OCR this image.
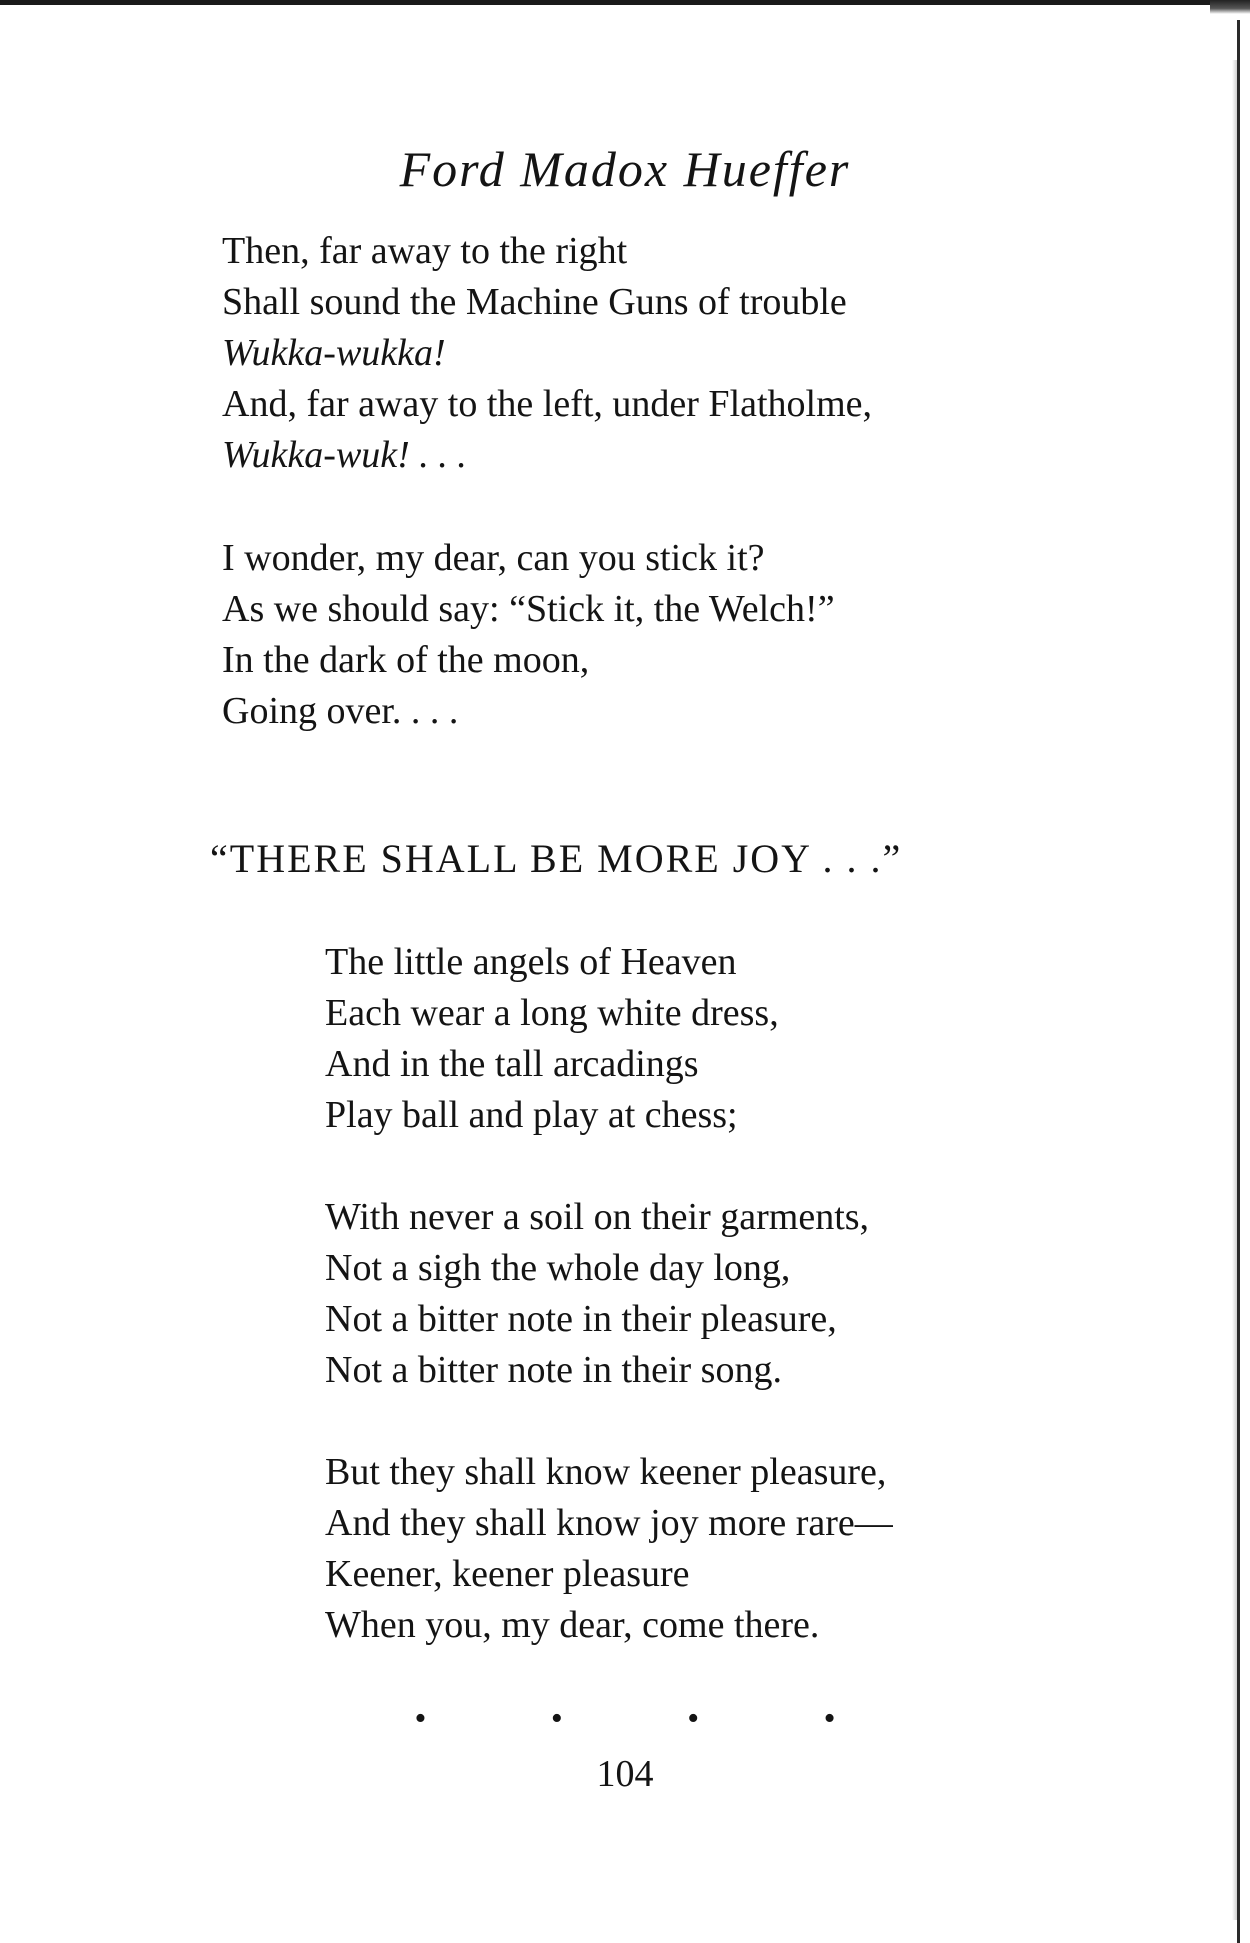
Ford Madox Hueffer
Then, far away to the right
Shall sound the Machine Guns of trouble
Wukka-wukka!
And, far away to the left, under Flatholme,
Wukka-wuk! . . .
I wonder, my dear, can you stick it?
As we should say: “Stick it, the Welch!”
In the dark of the moon,
Going over. . . .
“THERE SHALL BE MORE JOY . . .”
The little angels of Heaven
Each wear a long white dress,
And in the tall arcadings
Play ball and play at chess;
With never a soil on their garments,
Not a sigh the whole day long,
Not a bitter note in their pleasure,
Not a bitter note in their song.
But they shall know keener pleasure,
And they shall know joy more rare—
Keener, keener pleasure
When you, my dear, come there.
• • • •

104
